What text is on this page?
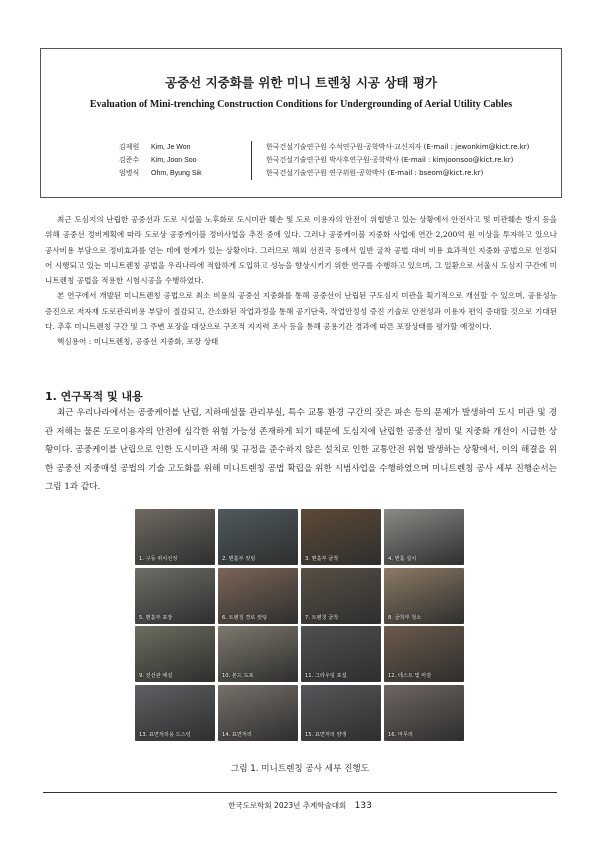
공중선 지중화를 위한 미니 트렌칭 시공 상태 평가
Evaluation of Mini-trenching Construction Conditions for Undergrounding of Aerial Utility Cables
김제원	Kim, Je Won	한국건설기술연구원 수석연구원·공학박사·교신저자 (E-mail : jewonkim@kict.re.kr)
김준수	Kim, Joon Soo	한국건설기술연구원 박사후연구원·공학박사 (E-mail : kimjoonsoo@kict.re.kr)
엄병식	Ohm, Byung Sik	한국건설기술연구원 연구위원·공학박사 (E-mail : bseom@kict.re.kr)

최근 도심지의 난립한 공중선과 도로 시설물 노후화로 도시미관 훼손 및 도로 이용자의 안전이 위협받고 있는 상황에서 안전사고 및 미관훼손 방지 등을 위해 공중선 정비계획에 따라 도로상 공중케이블 정비사업을 추진 중에 있다. 그러나 공중케이블 지중화 사업에 연간 2,200억 원 이상을 투자하고 있으나 공사비용 부담으로 정비효과를 얻는 데에 한계가 있는 상황이다. 그러므로 해외 선진국 등에서 일반 굴착 공법 대비 비용 효과적인 지중화 공법으로 인정되어 시행되고 있는 미니트렌칭 공법을 우리나라에 적합하게 도입하고 성능을 향상시키기 위한 연구를 수행하고 있으며, 그 일환으로 서울시 도심지 구간에 미니트렌칭 공법을 적용한 시험시공을 수행하였다.

본 연구에서 개발된 미니트렌칭 공법으로 최소 비용의 공중선 지중화를 통해 공중선이 난립된 구도심지 미관을 획기적으로 개선할 수 있으며, 공용성능 증진으로 저자재 도로관리비용 부담이 절감되고, 간소화된 작업과정을 통해 공기단축, 작업안정성 증진 기술로 안전성과 이용자 편익 증대할 것으로 기대된다. 추후 미니트렌칭 구간 및 그 주변 포장을 대상으로 구조적 지지력 조사 등을 통해 공용기간 경과에 따른 포장상태를 평가할 예정이다.

핵심용어 : 미니트렌칭, 공중선 지중화, 포장 상태

1. 연구목적 및 내용

최근 우리나라에서는 공중케이블 난립, 지하매설물 관리부실, 특수 교통 환경 구간의 잦은 파손 등의 문제가 발생하여 도시 미관 및 경관 저해는 물론 도로이용자의 안전에 심각한 위험 가능성 존재하게 되기 때문에 도심지에 난립한 공중선 정비 및 지중화 개선이 시급한 상황이다. 공중케이블 난립으로 인한 도시미관 저해 및 규정을 준수하지 않은 설치로 인한 교통안전 위협 발생하는 상황에서, 이의 해결을 위한 공중선 지중매설 공법의 기술 고도화를 위해 미니트렌칭 공법 확립을 위한 시범사업을 수행하였으며 미니트렌칭 공사 세부 진행순서는 그림 1과 같다.

1. 구동 위치선정	2. 맨홀부 컷팅	3. 맨홀부 굴착	4. 맨홀 설치
5. 맨홀부 포장	6. 트렌칭 경로 컷팅	7. 트렌칭 굴착	8. 굴착부 청소
9. 전선관 매설	10. 본드 도포	11. 그라우팅 포설	12. 테스트 및 마감
13. 표면처리용 드스링	14. 표면처리	15. 표면처리 양생	16. 마무리
그림 1. 미니트렌칭 공사 세부 진행도
한국도로학회 2023년 추계학술대회 133
